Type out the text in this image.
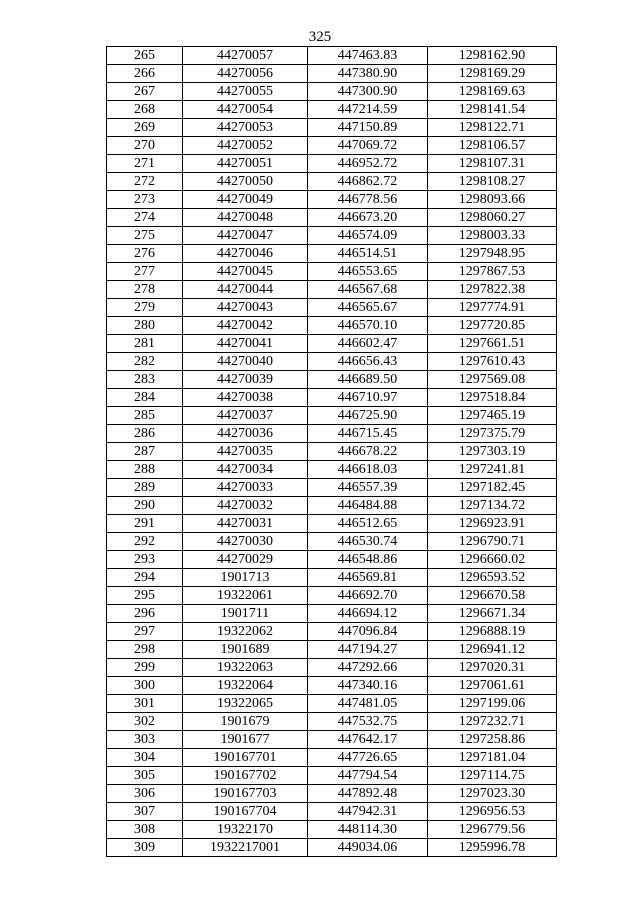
325
265	44270057	447463.83	1298162.90
266	44270056	447380.90	1298169.29
267	44270055	447300.90	1298169.63
268	44270054	447214.59	1298141.54
269	44270053	447150.89	1298122.71
270	44270052	447069.72	1298106.57
271	44270051	446952.72	1298107.31
272	44270050	446862.72	1298108.27
273	44270049	446778.56	1298093.66
274	44270048	446673.20	1298060.27
275	44270047	446574.09	1298003.33
276	44270046	446514.51	1297948.95
277	44270045	446553.65	1297867.53
278	44270044	446567.68	1297822.38
279	44270043	446565.67	1297774.91
280	44270042	446570.10	1297720.85
281	44270041	446602.47	1297661.51
282	44270040	446656.43	1297610.43
283	44270039	446689.50	1297569.08
284	44270038	446710.97	1297518.84
285	44270037	446725.90	1297465.19
286	44270036	446715.45	1297375.79
287	44270035	446678.22	1297303.19
288	44270034	446618.03	1297241.81
289	44270033	446557.39	1297182.45
290	44270032	446484.88	1297134.72
291	44270031	446512.65	1296923.91
292	44270030	446530.74	1296790.71
293	44270029	446548.86	1296660.02
294	1901713	446569.81	1296593.52
295	19322061	446692.70	1296670.58
296	1901711	446694.12	1296671.34
297	19322062	447096.84	1296888.19
298	1901689	447194.27	1296941.12
299	19322063	447292.66	1297020.31
300	19322064	447340.16	1297061.61
301	19322065	447481.05	1297199.06
302	1901679	447532.75	1297232.71
303	1901677	447642.17	1297258.86
304	190167701	447726.65	1297181.04
305	190167702	447794.54	1297114.75
306	190167703	447892.48	1297023.30
307	190167704	447942.31	1296956.53
308	19322170	448114.30	1296779.56
309	1932217001	449034.06	1295996.78
